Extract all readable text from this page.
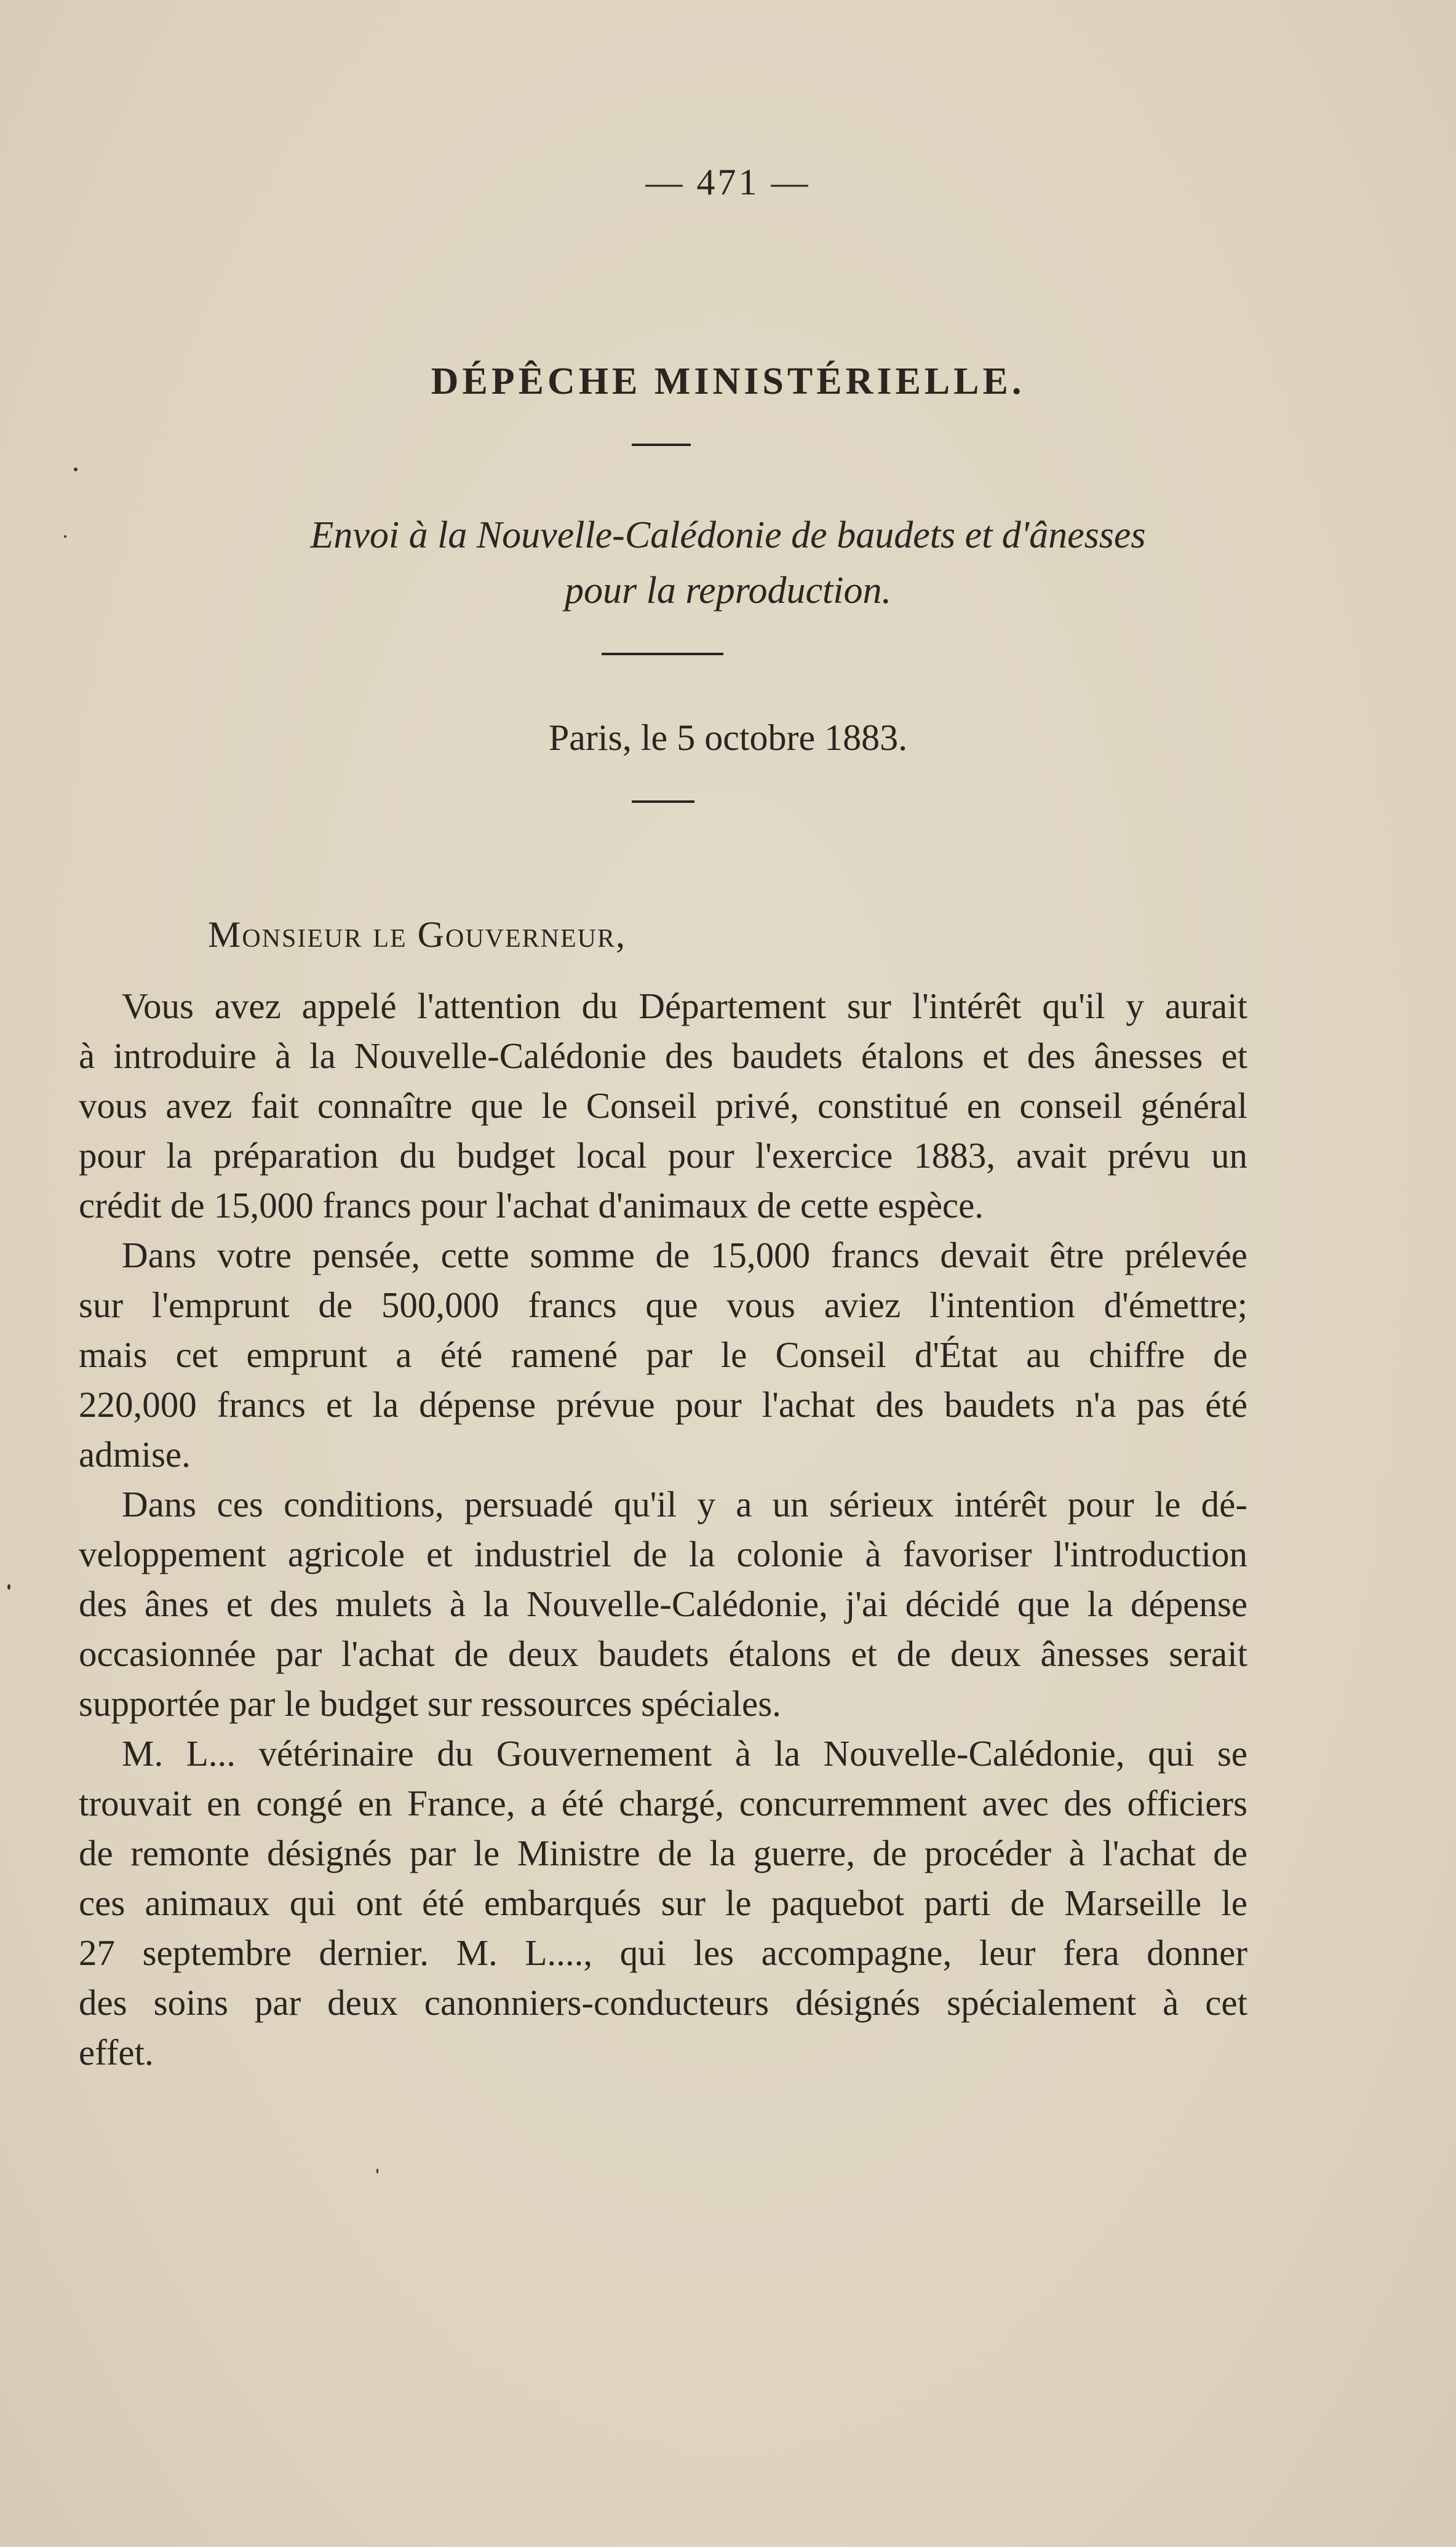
— 471 —
DÉPÊCHE MINISTÉRIELLE.
Envoi à la Nouvelle-Calédonie de baudets et d'ânesses
pour la reproduction.
Paris, le 5 octobre 1883.
Monsieur le Gouverneur,
Vous avez appelé l'attention du Département sur l'intérêt qu'il y aurait
à introduire à la Nouvelle-Calédonie des baudets étalons et des ânesses et
vous avez fait connaître que le Conseil privé, constitué en conseil général
pour la préparation du budget local pour l'exercice 1883, avait prévu un
crédit de 15,000 francs pour l'achat d'animaux de cette espèce.
Dans votre pensée, cette somme de 15,000 francs devait être prélevée
sur l'emprunt de 500,000 francs que vous aviez l'intention d'émettre;
mais cet emprunt a été ramené par le Conseil d'État au chiffre de
220,000 francs et la dépense prévue pour l'achat des baudets n'a pas été
admise.
Dans ces conditions, persuadé qu'il y a un sérieux intérêt pour le dé-
veloppement agricole et industriel de la colonie à favoriser l'introduction
des ânes et des mulets à la Nouvelle-Calédonie, j'ai décidé que la dépense
occasionnée par l'achat de deux baudets étalons et de deux ânesses serait
supportée par le budget sur ressources spéciales.
M. L... vétérinaire du Gouvernement à la Nouvelle-Calédonie, qui se
trouvait en congé en France, a été chargé, concurremment avec des officiers
de remonte désignés par le Ministre de la guerre, de procéder à l'achat de
ces animaux qui ont été embarqués sur le paquebot parti de Marseille le
27 septembre dernier. M. L...., qui les accompagne, leur fera donner
des soins par deux canonniers-conducteurs désignés spécialement à cet
effet.
